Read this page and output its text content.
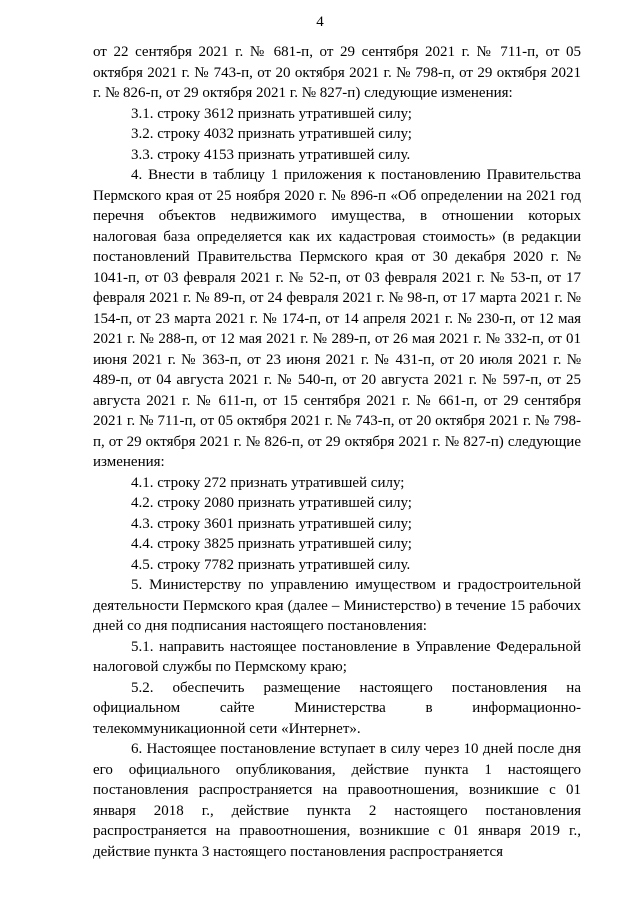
4

от 22 сентября 2021 г. № 681-п, от 29 сентября 2021 г. № 711-п, от 05 октября 2021 г. № 743-п, от 20 октября 2021 г. № 798-п, от 29 октября 2021 г. № 826-п, от 29 октября 2021 г. № 827-п) следующие изменения:

3.1. строку 3612 признать утратившей силу;

3.2. строку 4032 признать утратившей силу;

3.3. строку 4153 признать утратившей силу.

4. Внести в таблицу 1 приложения к постановлению Правительства Пермского края от 25 ноября 2020 г. № 896-п «Об определении на 2021 год перечня объектов недвижимого имущества, в отношении которых налоговая база определяется как их кадастровая стоимость» (в редакции постановлений Правительства Пермского края от 30 декабря 2020 г. № 1041-п, от 03 февраля 2021 г. № 52-п, от 03 февраля 2021 г. № 53-п, от 17 февраля 2021 г. № 89-п, от 24 февраля 2021 г. № 98-п, от 17 марта 2021 г. № 154-п, от 23 марта 2021 г. № 174-п, от 14 апреля 2021 г. № 230-п, от 12 мая 2021 г. № 288-п, от 12 мая 2021 г. № 289-п, от 26 мая 2021 г. № 332-п, от 01 июня 2021 г. № 363-п, от 23 июня 2021 г. № 431-п, от 20 июля 2021 г. № 489-п, от 04 августа 2021 г. № 540-п, от 20 августа 2021 г. № 597-п, от 25 августа 2021 г. № 611-п, от 15 сентября 2021 г. № 661-п, от 29 сентября 2021 г. № 711-п, от 05 октября 2021 г. № 743-п, от 20 октября 2021 г. № 798-п, от 29 октября 2021 г. № 826-п, от 29 октября 2021 г. № 827-п) следующие изменения:

4.1. строку 272 признать утратившей силу;

4.2. строку 2080 признать утратившей силу;

4.3. строку 3601 признать утратившей силу;

4.4. строку 3825 признать утратившей силу;

4.5. строку 7782 признать утратившей силу.

5. Министерству по управлению имуществом и градостроительной деятельности Пермского края (далее – Министерство) в течение 15 рабочих дней со дня подписания настоящего постановления:

5.1. направить настоящее постановление в Управление Федеральной налоговой службы по Пермскому краю;

5.2. обеспечить размещение настоящего постановления на официальном сайте Министерства в информационно-телекоммуникационной сети «Интернет».

6. Настоящее постановление вступает в силу через 10 дней после дня его официального опубликования, действие пункта 1 настоящего постановления распространяется на правоотношения, возникшие с 01 января 2018 г., действие пункта 2 настоящего постановления распространяется на правоотношения, возникшие с 01 января 2019 г., действие пункта 3 настоящего постановления распространяется
